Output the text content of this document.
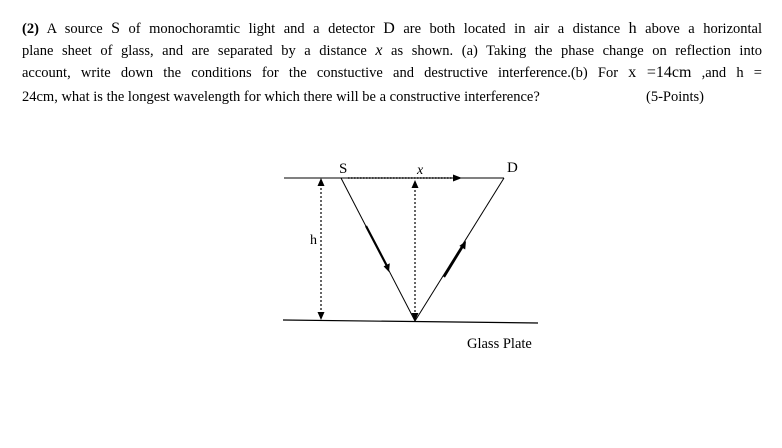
(2) A source S of monochoramtic light and a detector D are both located in air a distance h above a horizontal
plane sheet of glass, and are separated by a distance x as shown. (a) Taking the phase change on reflection into
account, write down the conditions for the constuctive and destructive interference.(b) For x =14cm ,and h =
24cm, what is the longest wavelength for which there will be a constructive interference?	(5-Points)
S	x	D
h
Glass Plate
